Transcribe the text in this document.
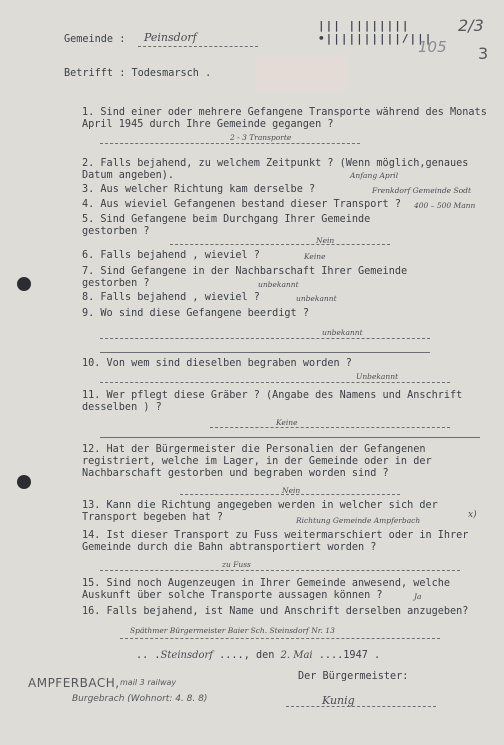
Gemeinde : Peinsdorf
||| ||||||||•||||||||||/|||
105
2/3
3
Betrifft : Todesmarsch .
1. Sind einer oder mehrere Gefangene Transporte während des Monats April 1945 durch Ihre Gemeinde gegangen ?
2 - 3 Transporte
2. Falls bejahend, zu welchem Zeitpunkt ? (Wenn möglich,genaues Datum angeben).	Anfang April
3. Aus welcher Richtung kam derselbe ?	Frenkdorf Gemeinde Sodt
4. Aus wieviel Gefangenen bestand dieser Transport ?	400 – 500 Mann
5. Sind Gefangene beim Durchgang Ihrer Gemeinde gestorben ?
Nein
6. Falls bejahend , wieviel ?	Keine
7. Sind Gefangene in der Nachbarschaft Ihrer Gemeinde gestorben ?	unbekannt
8. Falls bejahend , wieviel ?	unbekannt
9. Wo sind diese Gefangene beerdigt ?
unbekannt
10. Von wem sind dieselben begraben worden ?
Unbekannt
11. Wer pflegt diese Gräber ? (Angabe des Namens und Anschrift desselben ) ?
Keine
12. Hat der Bürgermeister die Personalien der Gefangenen registriert, welche im Lager, in der Gemeinde oder in der Nachbarschaft gestorben und begraben worden sind ?
Nein
13. Kann die Richtung angegeben werden in welcher sich der Transport begeben hat ?	Richtung Gemeinde Ampferbach
x)
14. Ist dieser Transport zu Fuss weitermarschiert oder in Ihrer Gemeinde durch die Bahn abtransportiert worden ?
zu Fuss
15. Sind noch Augenzeugen in Ihrer Gemeinde anwesend, welche Auskunft über solche Transporte aussagen können ?	Ja
16. Falls bejahend, ist Name und Anschrift derselben anzugeben?
Späthmer Bürgermeister Baier Sch. Steinsdorf Nr. 13
.. .Steinsdorf ...., den 2. Mai ....1947 .
Der Bürgermeister:
Kunig
AMPFERBACH, mail 3 railway
Burgebrach (Wohnort: 4. 8. 8)
